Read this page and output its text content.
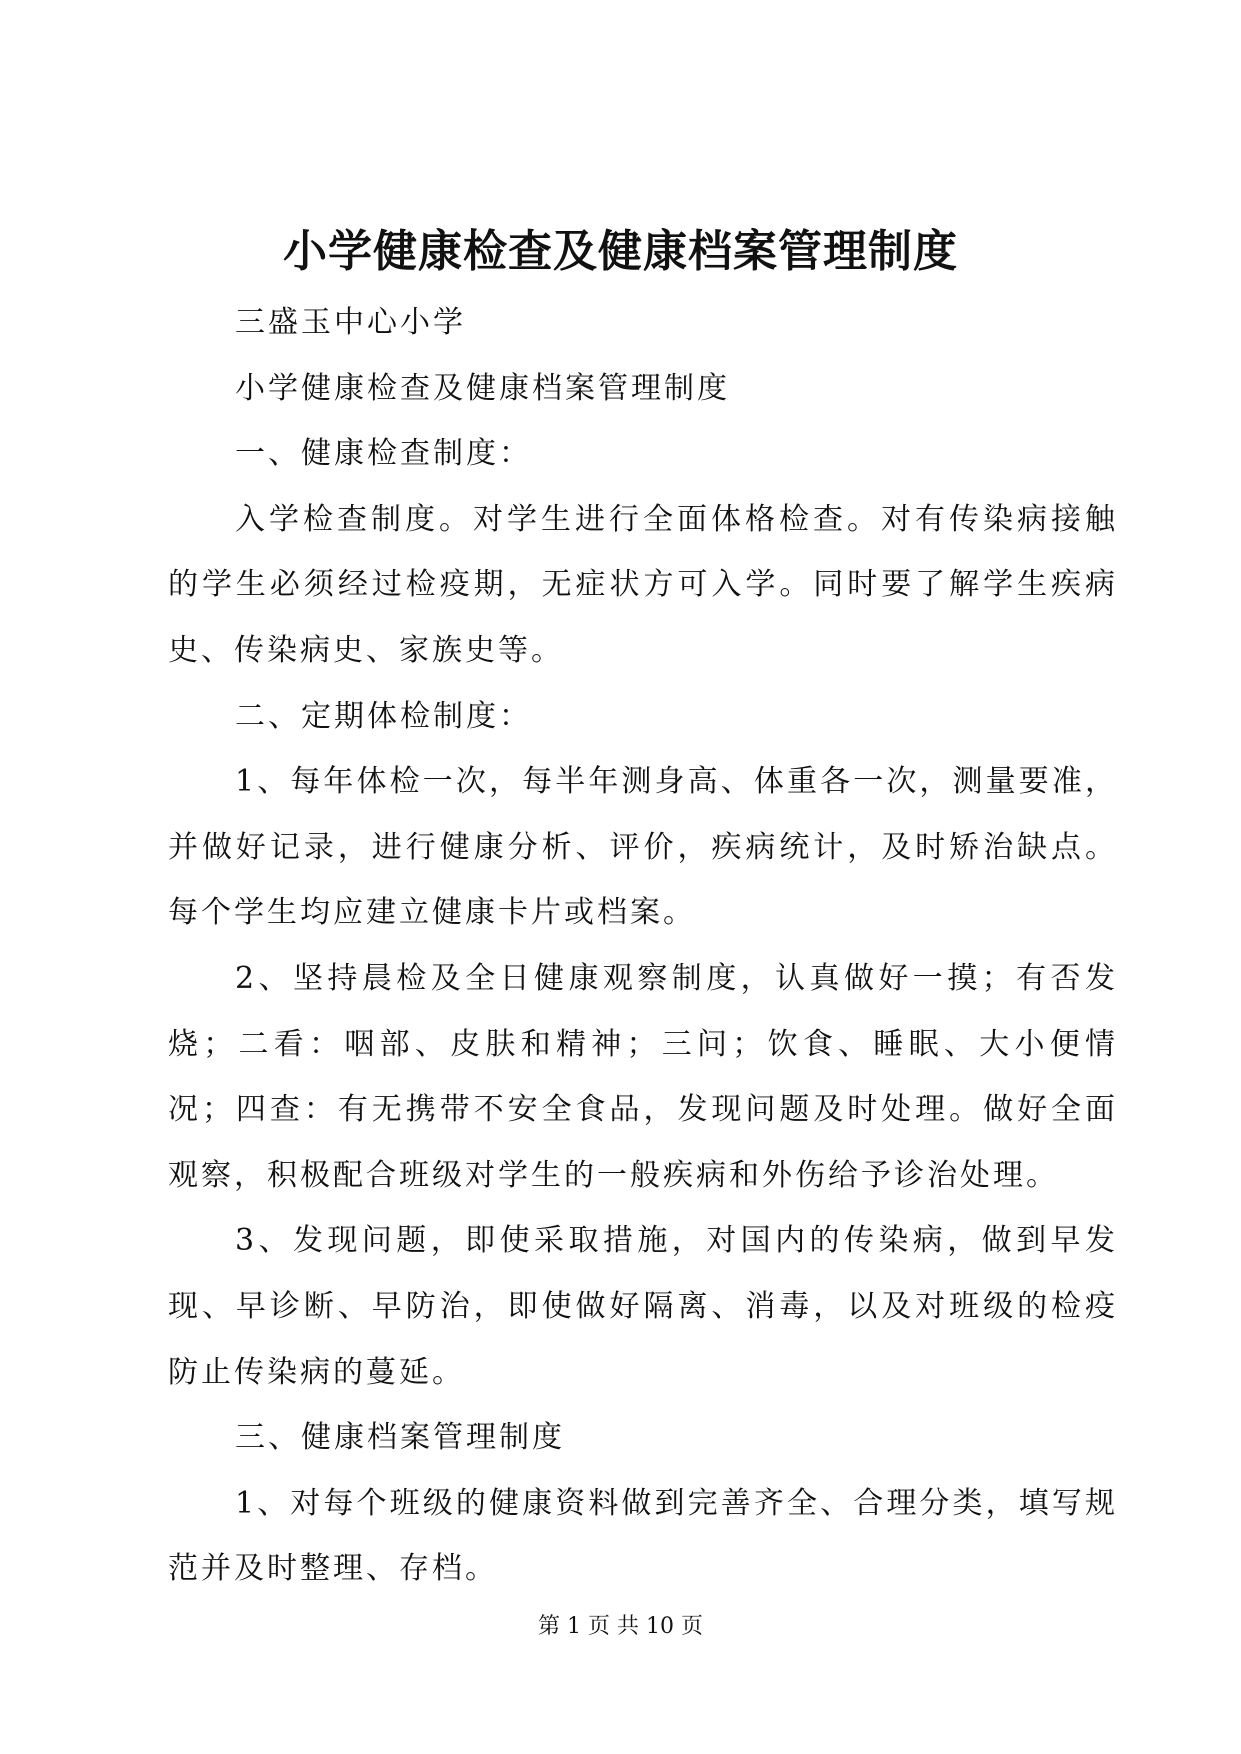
小学健康检查及健康档案管理制度

三盛玉中心小学

小学健康检查及健康档案管理制度

一、健康检查制度：

入学检查制度。对学生进行全面体格检查。对有传染病接触的学生必须经过检疫期，无症状方可入学。同时要了解学生疾病史、传染病史、家族史等。

二、定期体检制度：

1、每年体检一次，每半年测身高、体重各一次，测量要准，并做好记录，进行健康分析、评价，疾病统计，及时矫治缺点。每个学生均应建立健康卡片或档案。

2、坚持晨检及全日健康观察制度，认真做好一摸；有否发烧；二看：咽部、皮肤和精神；三问；饮食、睡眠、大小便情况；四查：有无携带不安全食品，发现问题及时处理。做好全面观察，积极配合班级对学生的一般疾病和外伤给予诊治处理。

3、发现问题，即使采取措施，对国内的传染病，做到早发现、早诊断、早防治，即使做好隔离、消毒，以及对班级的检疫防止传染病的蔓延。

三、健康档案管理制度

1、对每个班级的健康资料做到完善齐全、合理分类，填写规范并及时整理、存档。

第 1 页 共 10 页
